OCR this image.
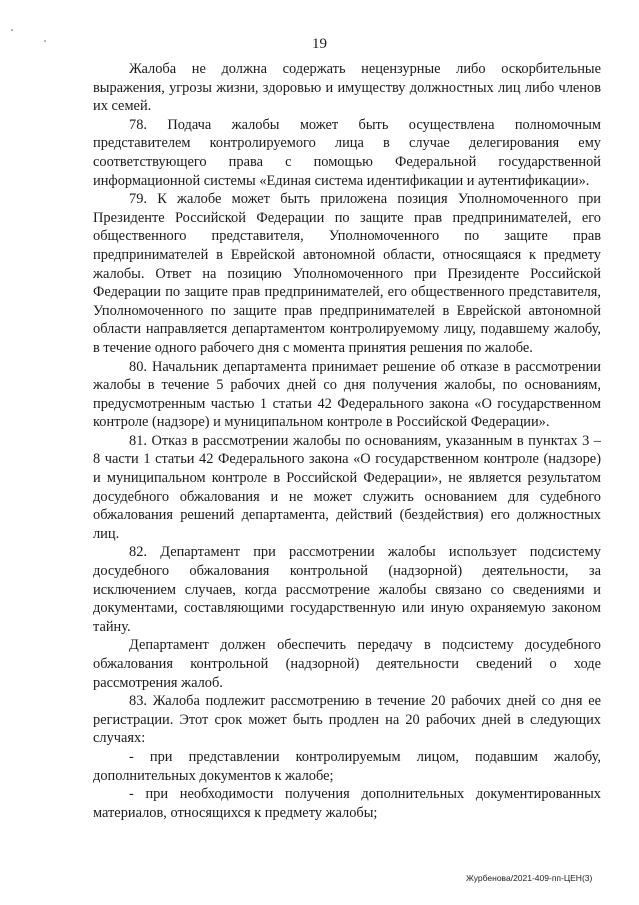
19

Жалоба не должна содержать нецензурные либо оскорбительные выражения, угрозы жизни, здоровью и имуществу должностных лиц либо членов их семей.

78. Подача жалобы может быть осуществлена полномочным представителем контролируемого лица в случае делегирования ему соответствующего права с помощью Федеральной государственной информационной системы «Единая система идентификации и аутентификации».

79. К жалобе может быть приложена позиция Уполномоченного при Президенте Российской Федерации по защите прав предпринимателей, его общественного представителя, Уполномоченного по защите прав предпринимателей в Еврейской автономной области, относящаяся к предмету жалобы. Ответ на позицию Уполномоченного при Президенте Российской Федерации по защите прав предпринимателей, его общественного представителя, Уполномоченного по защите прав предпринимателей в Еврейской автономной области направляется департаментом контролируемому лицу, подавшему жалобу, в течение одного рабочего дня с момента принятия решения по жалобе.

80. Начальник департамента принимает решение об отказе в рассмотрении жалобы в течение 5 рабочих дней со дня получения жалобы, по основаниям, предусмотренным частью 1 статьи 42 Федерального закона «О государственном контроле (надзоре) и муниципальном контроле в Российской Федерации».

81. Отказ в рассмотрении жалобы по основаниям, указанным в пунктах 3 – 8 части 1 статьи 42 Федерального закона «О государственном контроле (надзоре) и муниципальном контроле в Российской Федерации», не является результатом досудебного обжалования и не может служить основанием для судебного обжалования решений департамента, действий (бездействия) его должностных лиц.

82. Департамент при рассмотрении жалобы использует подсистему досудебного обжалования контрольной (надзорной) деятельности, за исключением случаев, когда рассмотрение жалобы связано со сведениями и документами, составляющими государственную или иную охраняемую законом тайну.

Департамент должен обеспечить передачу в подсистему досудебного обжалования контрольной (надзорной) деятельности сведений о ходе рассмотрения жалоб.

83. Жалоба подлежит рассмотрению в течение 20 рабочих дней со дня ее регистрации. Этот срок может быть продлен на 20 рабочих дней в следующих случаях:

- при представлении контролируемым лицом, подавшим жалобу, дополнительных документов к жалобе;

- при необходимости получения дополнительных документированных материалов, относящихся к предмету жалобы;

Журбенова/2021-409-пп-ЦЕН(3)
